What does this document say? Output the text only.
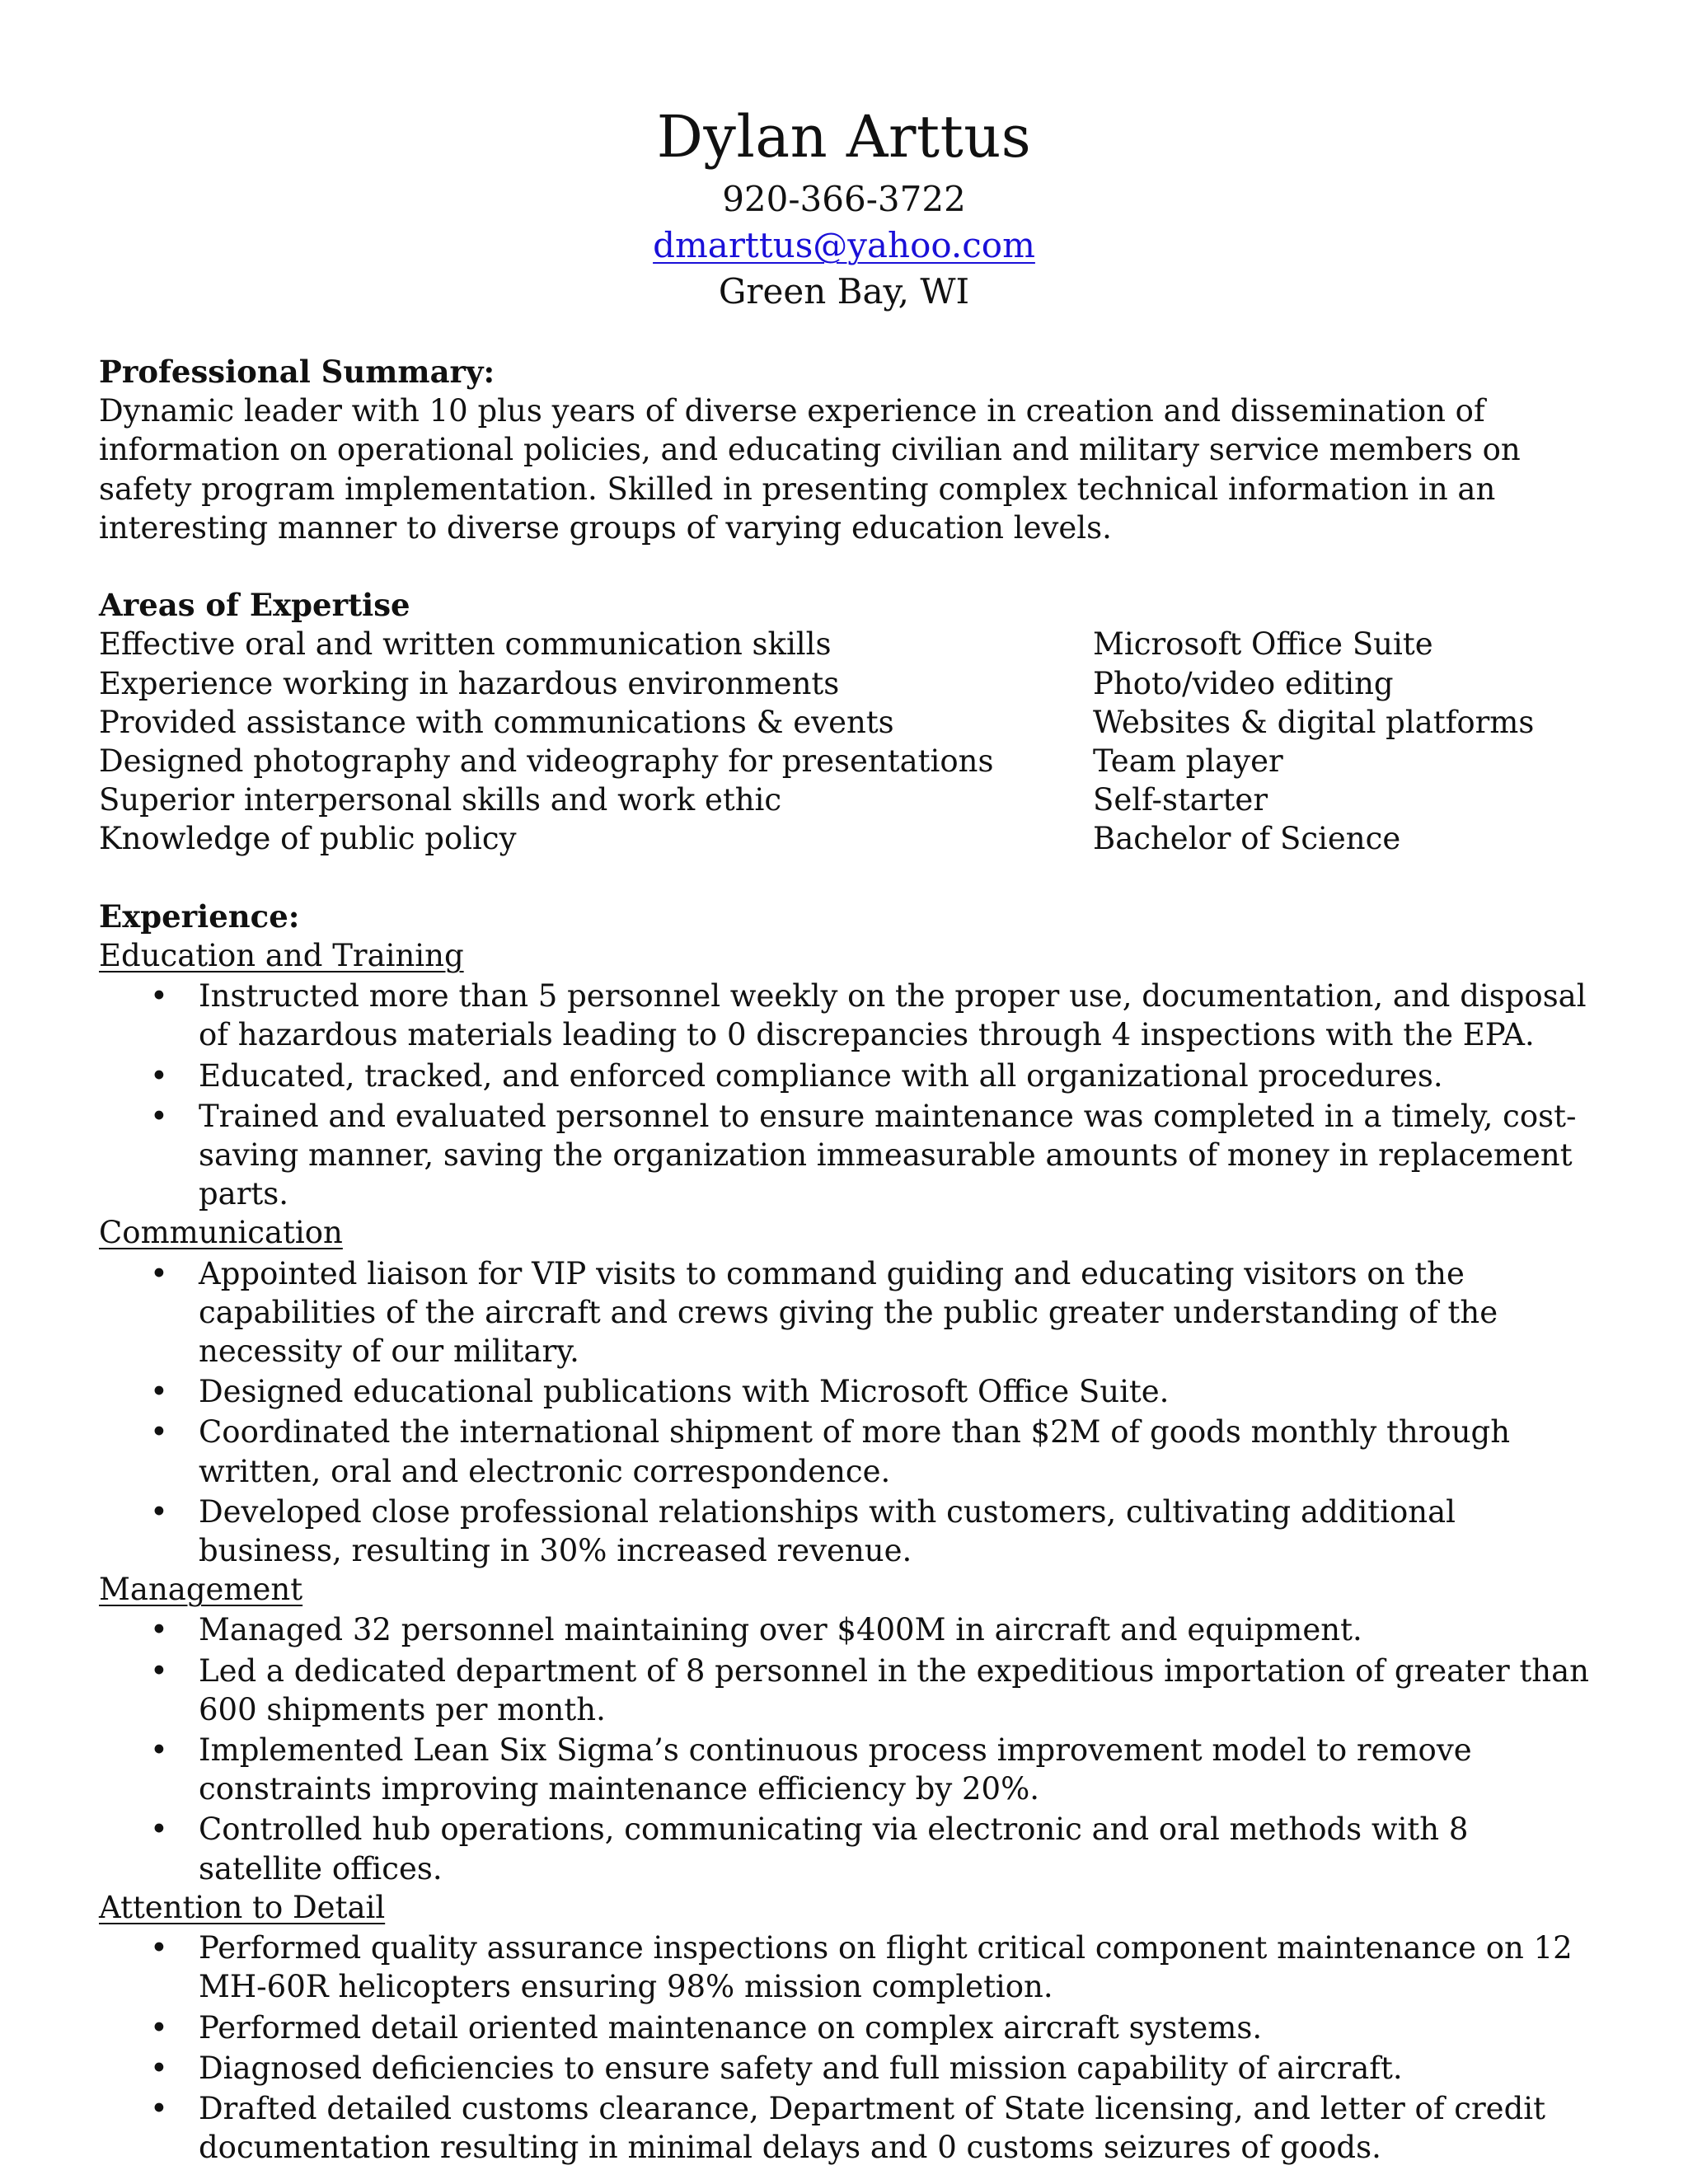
Dylan Arttus
920-366-3722
dmarttus@yahoo.com
Green Bay, WI
Professional Summary:

Dynamic leader with 10 plus years of diverse experience in creation and dissemination of information on operational policies, and educating civilian and military service members on safety program implementation. Skilled in presenting complex technical information in an interesting manner to diverse groups of varying education levels.

Areas of Expertise
Effective oral and written communication skills
Experience working in hazardous environments
Provided assistance with communications & events
Designed photography and videography for presentations
Superior interpersonal skills and work ethic
Knowledge of public policy
Microsoft Office Suite
Photo/video editing
Websites & digital platforms
Team player
Self-starter
Bachelor of Science
Experience:
Education and Training
• Instructed more than 5 personnel weekly on the proper use, documentation, and disposal of hazardous materials leading to 0 discrepancies through 4 inspections with the EPA.
• Educated, tracked, and enforced compliance with all organizational procedures.
• Trained and evaluated personnel to ensure maintenance was completed in a timely, cost-saving manner, saving the organization immeasurable amounts of money in replacement parts.
Communication
• Appointed liaison for VIP visits to command guiding and educating visitors on the capabilities of the aircraft and crews giving the public greater understanding of the necessity of our military.
• Designed educational publications with Microsoft Office Suite.
• Coordinated the international shipment of more than $2M of goods monthly through written, oral and electronic correspondence.
• Developed close professional relationships with customers, cultivating additional business, resulting in 30% increased revenue.
Management
• Managed 32 personnel maintaining over $400M in aircraft and equipment.
• Led a dedicated department of 8 personnel in the expeditious importation of greater than 600 shipments per month.
• Implemented Lean Six Sigma’s continuous process improvement model to remove constraints improving maintenance efficiency by 20%.
• Controlled hub operations, communicating via electronic and oral methods with 8 satellite offices.
Attention to Detail
• Performed quality assurance inspections on flight critical component maintenance on 12 MH-60R helicopters ensuring 98% mission completion.
• Performed detail oriented maintenance on complex aircraft systems.
• Diagnosed deficiencies to ensure safety and full mission capability of aircraft.
• Drafted detailed customs clearance, Department of State licensing, and letter of credit documentation resulting in minimal delays and 0 customs seizures of goods.
